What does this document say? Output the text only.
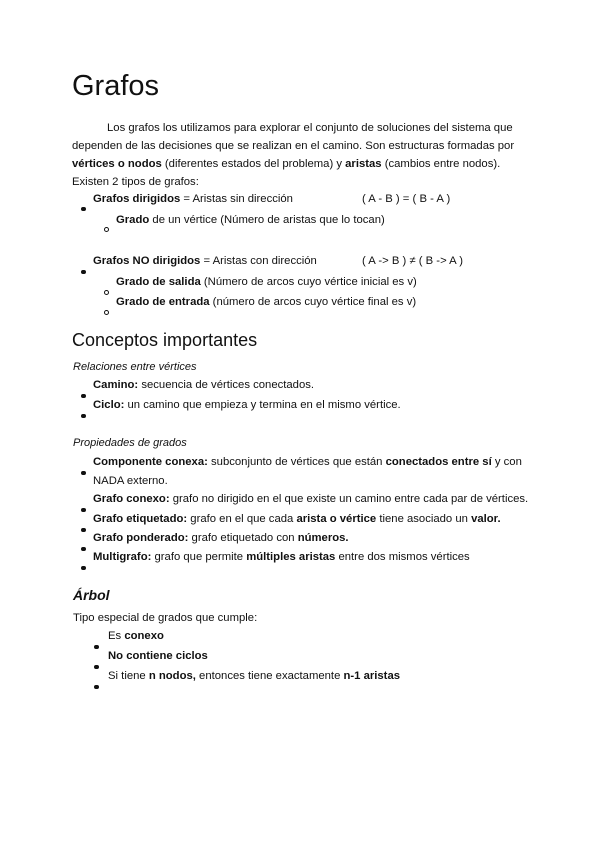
Grafos
Los grafos los utilizamos para explorar el conjunto de soluciones del sistema que
dependen de las decisiones que se realizan en el camino. Son estructuras formadas por
vértices o nodos (diferentes estados del problema) y aristas (cambios entre nodos).
Existen 2 tipos de grafos:
Grafos dirigidos = Aristas sin dirección	( A - B ) = ( B - A )
Grado de un vértice (Número de aristas que lo tocan)
Grafos NO dirigidos = Aristas con dirección	( A -> B ) ≠ ( B -> A )
Grado de salida (Número de arcos cuyo vértice inicial es v)
Grado de entrada (número de arcos cuyo vértice final es v)
Conceptos importantes
Relaciones entre vértices
Camino: secuencia de vértices conectados.
Ciclo: un camino que empieza y termina en el mismo vértice.
Propiedades de grados
Componente conexa: subconjunto de vértices que están conectados entre sí y con
NADA externo.
Grafo conexo: grafo no dirigido en el que existe un camino entre cada par de vértices.
Grafo etiquetado: grafo en el que cada arista o vértice tiene asociado un valor.
Grafo ponderado: grafo etiquetado con números.
Multigrafo: grafo que permite múltiples aristas entre dos mismos vértices
Árbol
Tipo especial de grados que cumple:
Es conexo
No contiene ciclos
Si tiene n nodos, entonces tiene exactamente n-1 aristas
